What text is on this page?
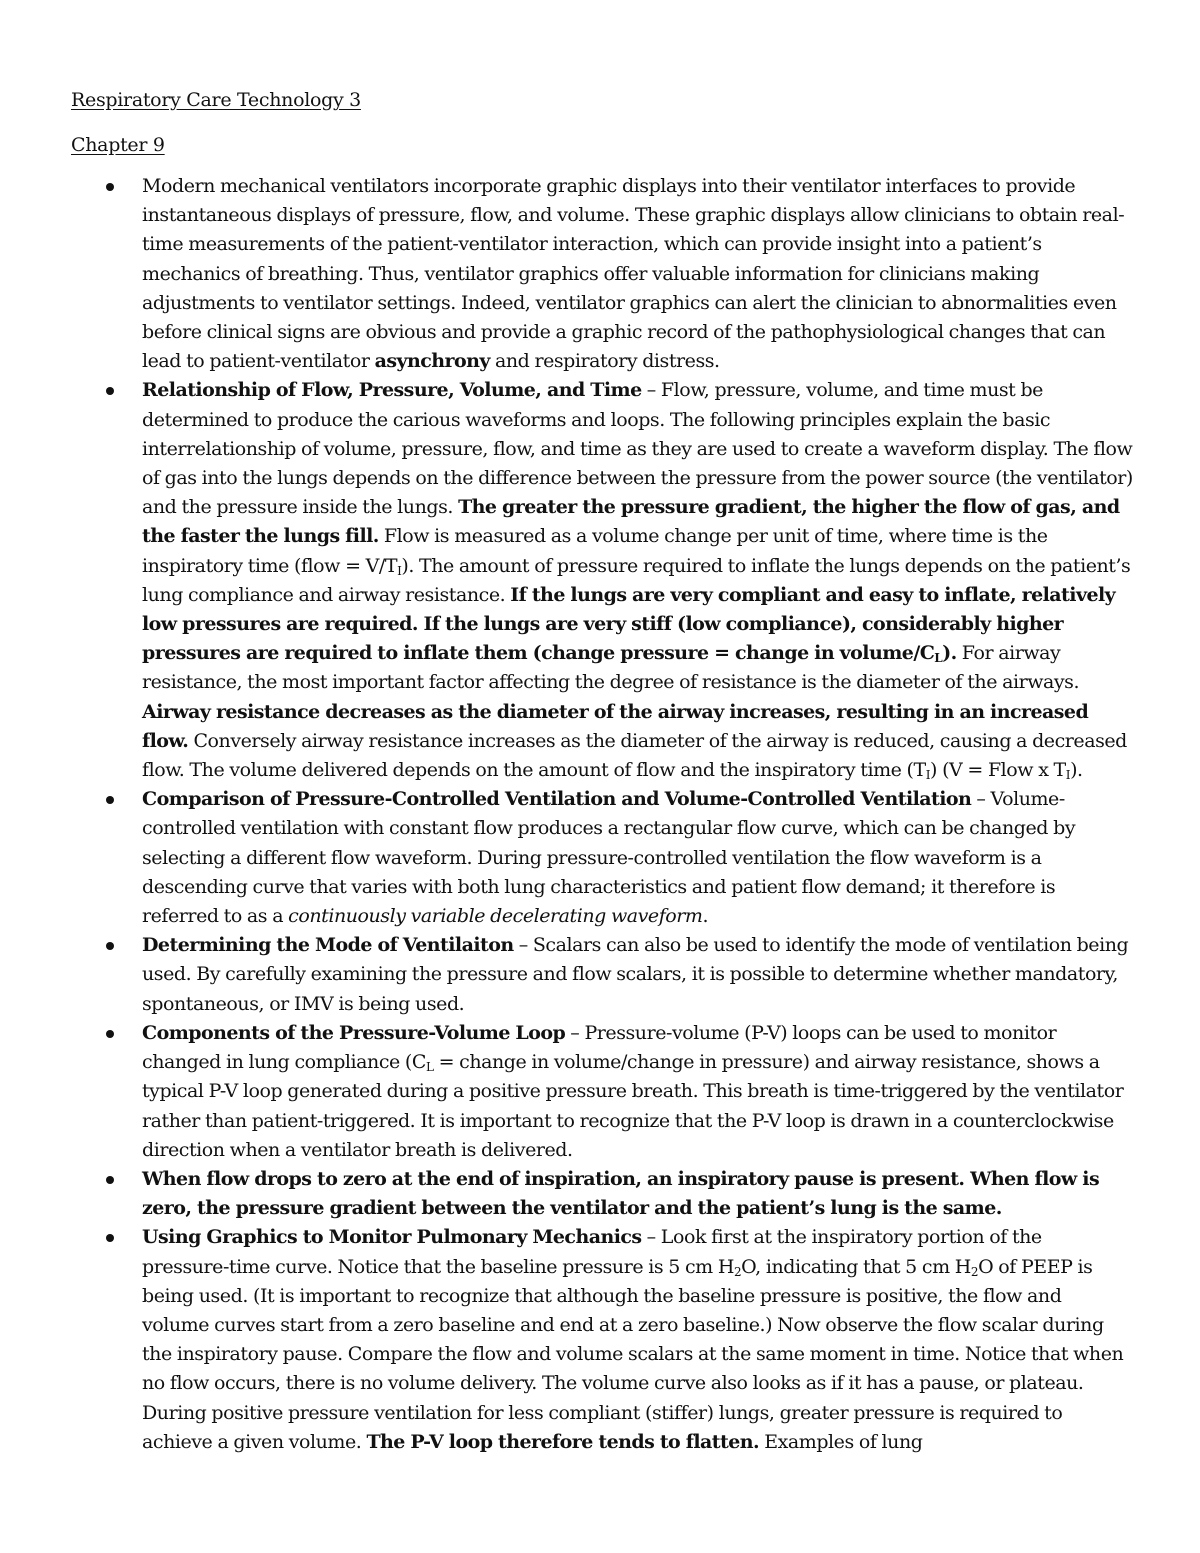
Respiratory Care Technology 3
Chapter 9
Modern mechanical ventilators incorporate graphic displays into their ventilator interfaces to provide instantaneous displays of pressure, flow, and volume. These graphic displays allow clinicians to obtain real-time measurements of the patient-ventilator interaction, which can provide insight into a patient’s mechanics of breathing. Thus, ventilator graphics offer valuable information for clinicians making adjustments to ventilator settings. Indeed, ventilator graphics can alert the clinician to abnormalities even before clinical signs are obvious and provide a graphic record of the pathophysiological changes that can lead to patient-ventilator asynchrony and respiratory distress.
Relationship of Flow, Pressure, Volume, and Time – Flow, pressure, volume, and time must be determined to produce the carious waveforms and loops. The following principles explain the basic interrelationship of volume, pressure, flow, and time as they are used to create a waveform display. The flow of gas into the lungs depends on the difference between the pressure from the power source (the ventilator) and the pressure inside the lungs. The greater the pressure gradient, the higher the flow of gas, and the faster the lungs fill. Flow is measured as a volume change per unit of time, where time is the inspiratory time (flow = $V/T_I$). The amount of pressure required to inflate the lungs depends on the patient’s lung compliance and airway resistance. If the lungs are very compliant and easy to inflate, relatively low pressures are required. If the lungs are very stiff (low compliance), considerably higher pressures are required to inflate them (change pressure = change in volume/$C_L$). For airway resistance, the most important factor affecting the degree of resistance is the diameter of the airways. Airway resistance decreases as the diameter of the airway increases, resulting in an increased flow. Conversely airway resistance increases as the diameter of the airway is reduced, causing a decreased flow. The volume delivered depends on the amount of flow and the inspiratory time $(T_I) (V$ = Flow x $T_I$).
Comparison of Pressure-Controlled Ventilation and Volume-Controlled Ventilation – Volume-controlled ventilation with constant flow produces a rectangular flow curve, which can be changed by selecting a different flow waveform. During pressure-controlled ventilation the flow waveform is a descending curve that varies with both lung characteristics and patient flow demand; it therefore is referred to as a continuously variable decelerating waveform.
Determining the Mode of Ventilaiton – Scalars can also be used to identify the mode of ventilation being used. By carefully examining the pressure and flow scalars, it is possible to determine whether mandatory, spontaneous, or IMV is being used.
Components of the Pressure-Volume Loop – Pressure-volume (P-V) loops can be used to monitor changed in lung compliance ($C_L$ = change in volume/change in pressure) and airway resistance, shows a typical P-V loop generated during a positive pressure breath. This breath is time-triggered by the ventilator rather than patient-triggered. It is important to recognize that the P-V loop is drawn in a counterclockwise direction when a ventilator breath is delivered.
When flow drops to zero at the end of inspiration, an inspiratory pause is present. When flow is zero, the pressure gradient between the ventilator and the patient’s lung is the same.
Using Graphics to Monitor Pulmonary Mechanics – Look first at the inspiratory portion of the pressure-time curve. Notice that the baseline pressure is 5 cm $H_2O$, indicating that 5 cm $H_2O$ of PEEP is being used. (It is important to recognize that although the baseline pressure is positive, the flow and volume curves start from a zero baseline and end at a zero baseline.) Now observe the flow scalar during the inspiratory pause. Compare the flow and volume scalars at the same moment in time. Notice that when no flow occurs, there is no volume delivery. The volume curve also looks as if it has a pause, or plateau. During positive pressure ventilation for less compliant (stiffer) lungs, greater pressure is required to achieve a given volume. The P-V loop therefore tends to flatten. Examples of lung
